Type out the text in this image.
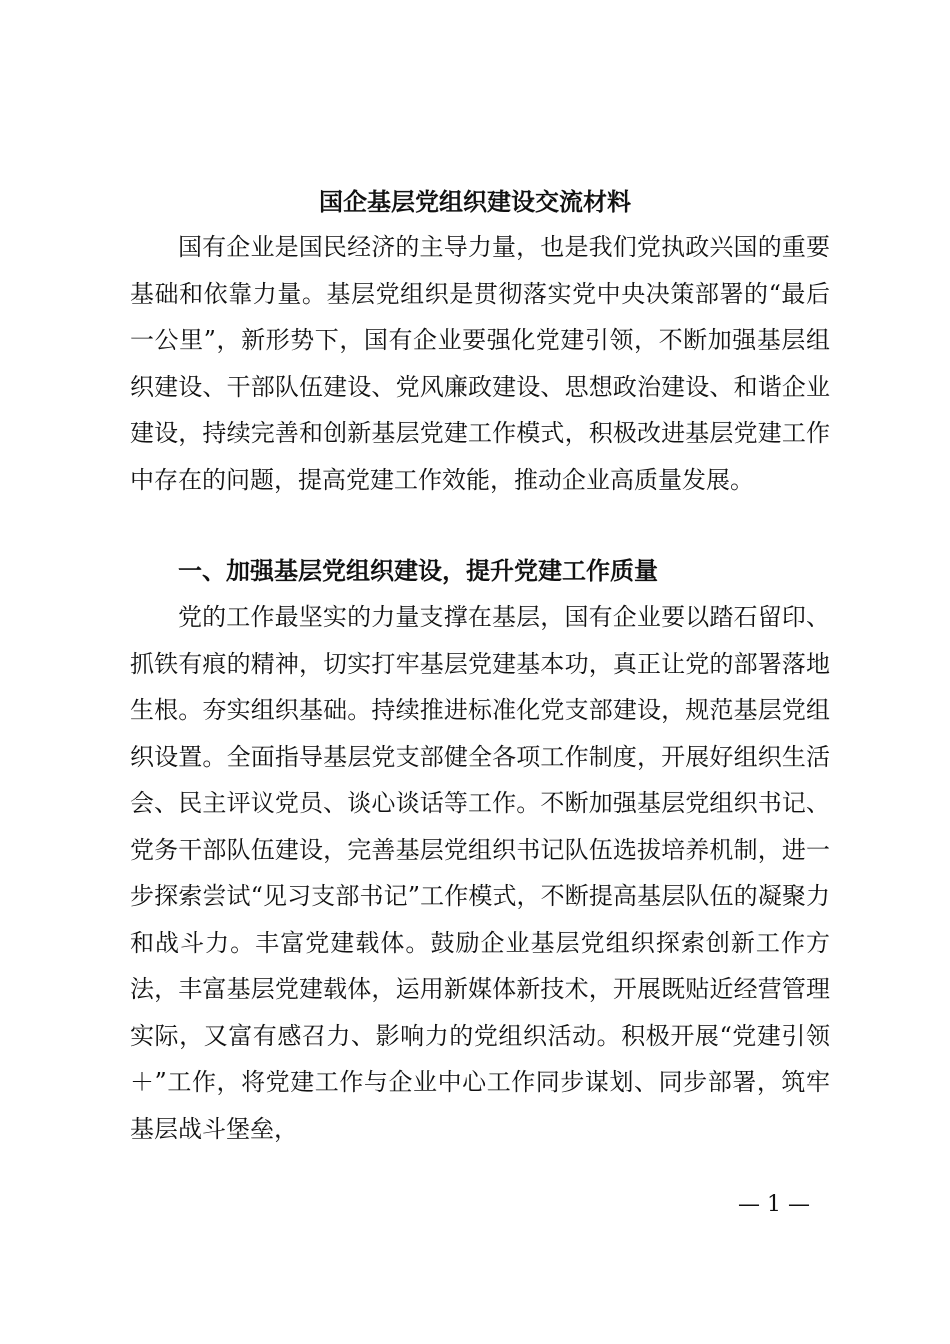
国企基层党组织建设交流材料
国有企业是国民经济的主导力量，也是我们党执政兴国的重要基础和依靠力量。基层党组织是贯彻落实党中央决策部署的“最后一公里”，新形势下，国有企业要强化党建引领，不断加强基层组织建设、干部队伍建设、党风廉政建设、思想政治建设、和谐企业建设，持续完善和创新基层党建工作模式，积极改进基层党建工作中存在的问题，提高党建工作效能，推动企业高质量发展。
一、加强基层党组织建设，提升党建工作质量
党的工作最坚实的力量支撑在基层，国有企业要以踏石留印、抓铁有痕的精神，切实打牢基层党建基本功，真正让党的部署落地生根。夯实组织基础。持续推进标准化党支部建设，规范基层党组织设置。全面指导基层党支部健全各项工作制度，开展好组织生活会、民主评议党员、谈心谈话等工作。不断加强基层党组织书记、党务干部队伍建设，完善基层党组织书记队伍选拔培养机制，进一步探索尝试“见习支部书记”工作模式，不断提高基层队伍的凝聚力和战斗力。丰富党建载体。鼓励企业基层党组织探索创新工作方法，丰富基层党建载体，运用新媒体新技术，开展既贴近经营管理实际，又富有感召力、影响力的党组织活动。积极开展“党建引领＋”工作，将党建工作与企业中心工作同步谋划、同步部署，筑牢基层战斗堡垒，
— 1 —
